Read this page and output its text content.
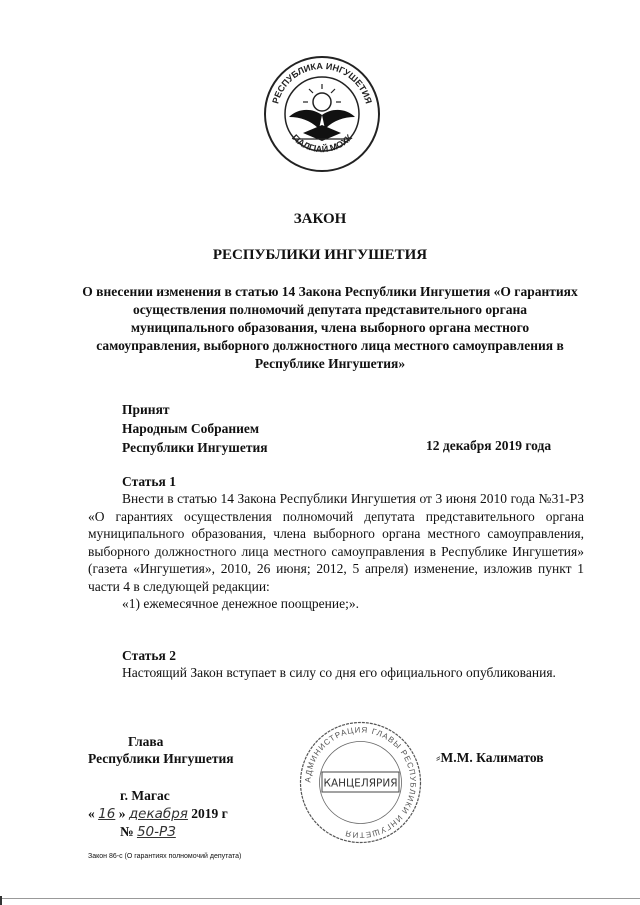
РЕСПУБЛИКА ИНГУШЕТИЯ
ГIАЛГIАЙ МОХК
ЗАКОН
РЕСПУБЛИКИ ИНГУШЕТИЯ
О внесении изменения в статью 14 Закона Республики Ингушетия «О гарантиях осуществления полномочий депутата представительного органа муниципального образования, члена выборного органа местного самоуправления, выборного должностного лица местного самоуправления в Республике Ингушетия»
Принят
Народным Собранием
Республики Ингушетия	12 декабря 2019 года
Статья 1

Внести в статью 14 Закона Республики Ингушетия от 3 июня 2010 года №31-РЗ «О гарантиях осуществления полномочий депутата представительного органа муниципального образования, члена выборного органа местного самоуправления, выборного должностного лица местного самоуправления в Республике Ингушетия» (газета «Ингушетия», 2010, 26 июня; 2012, 5 апреля) изменение, изложив пункт 1 части 4 в следующей редакции:

«1) ежемесячное денежное поощрение;».

Статья 2

Настоящий Закон вступает в силу со дня его официального опубликования.

Глава
Республики Ингушетия
АДМИНИСТРАЦИЯ ГЛАВЫ РЕСПУБЛИКИ ИНГУШЕТИЯ
КАНЦЕЛЯРИЯ
⸗М.М. Калиматов
г. Магас
« 16 » декабря 2019 г
№ 50-РЗ
Закон 86-с (О гарантиях полномочий депутата)
